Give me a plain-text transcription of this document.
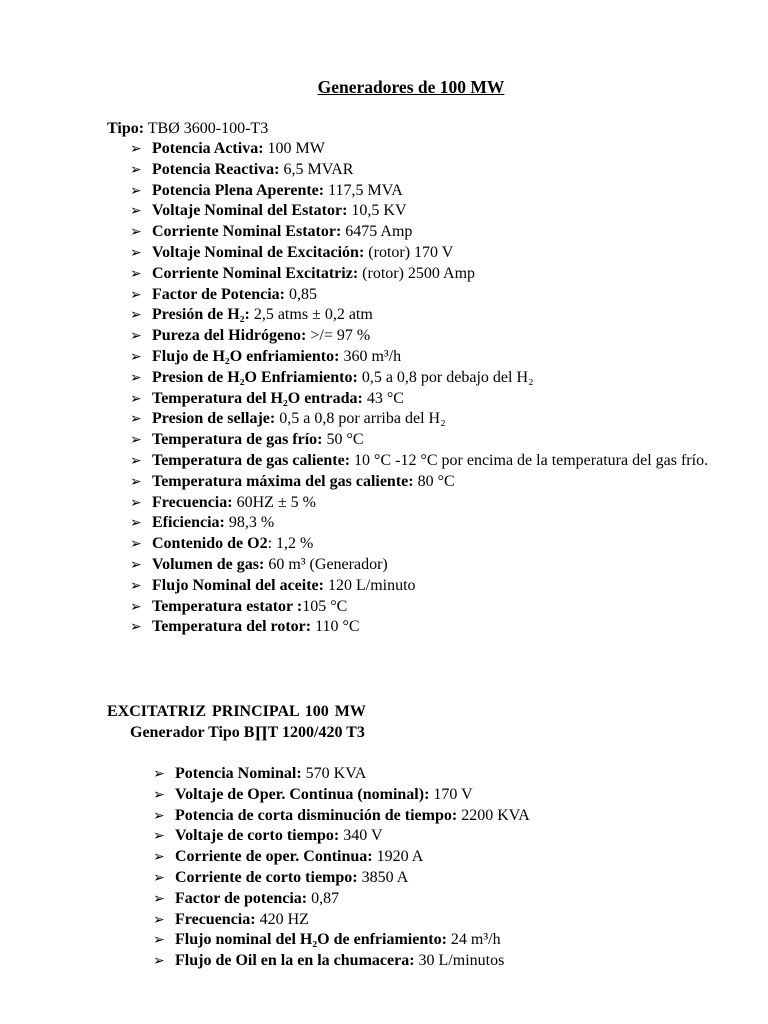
Generadores de 100 MW
Tipo: TBØ 3600-100-T3
➢ Potencia Activa: 100 MW
➢ Potencia Reactiva: 6,5 MVAR
➢ Potencia Plena Aperente: 117,5 MVA
➢ Voltaje Nominal del Estator: 10,5 KV
➢ Corriente Nominal Estator: 6475 Amp
➢ Voltaje Nominal de Excitación: (rotor) 170 V
➢ Corriente Nominal Excitatriz: (rotor) 2500 Amp
➢ Factor de Potencia: 0,85
➢ Presión de H₂: 2,5 atms ± 0,2 atm
➢ Pureza del Hidrógeno: >/= 97 %
➢ Flujo de H₂O enfriamiento: 360 m³/h
➢ Presion de H₂O Enfriamiento: 0,5 a 0,8 por debajo del H₂
➢ Temperatura del H₂O entrada: 43 °C
➢ Presion de sellaje: 0,5 a 0,8 por arriba del H₂
➢ Temperatura de gas frío: 50 °C
➢ Temperatura de gas caliente: 10 °C -12 °C por encima de la temperatura del gas frío.
➢ Temperatura máxima del gas caliente: 80 °C
➢ Frecuencia: 60HZ ± 5 %
➢ Eficiencia: 98,3 %
➢ Contenido de O2: 1,2 %
➢ Volumen de gas: 60 m³ (Generador)
➢ Flujo Nominal del aceite: 120 L/minuto
➢ Temperatura estator :105 °C
➢ Temperatura del rotor: 110 °C
EXCITATRIZ PRINCIPAL 100 MW
Generador Tipo B∏T 1200/420 T3
➢ Potencia Nominal: 570 KVA
➢ Voltaje de Oper. Continua (nominal): 170 V
➢ Potencia de corta disminución de tiempo: 2200 KVA
➢ Voltaje de corto tiempo: 340 V
➢ Corriente de oper. Continua: 1920 A
➢ Corriente de corto tiempo: 3850 A
➢ Factor de potencia: 0,87
➢ Frecuencia: 420 HZ
➢ Flujo nominal del H₂O de enfriamiento: 24 m³/h
➢ Flujo de Oil en la en la chumacera: 30 L/minutos
